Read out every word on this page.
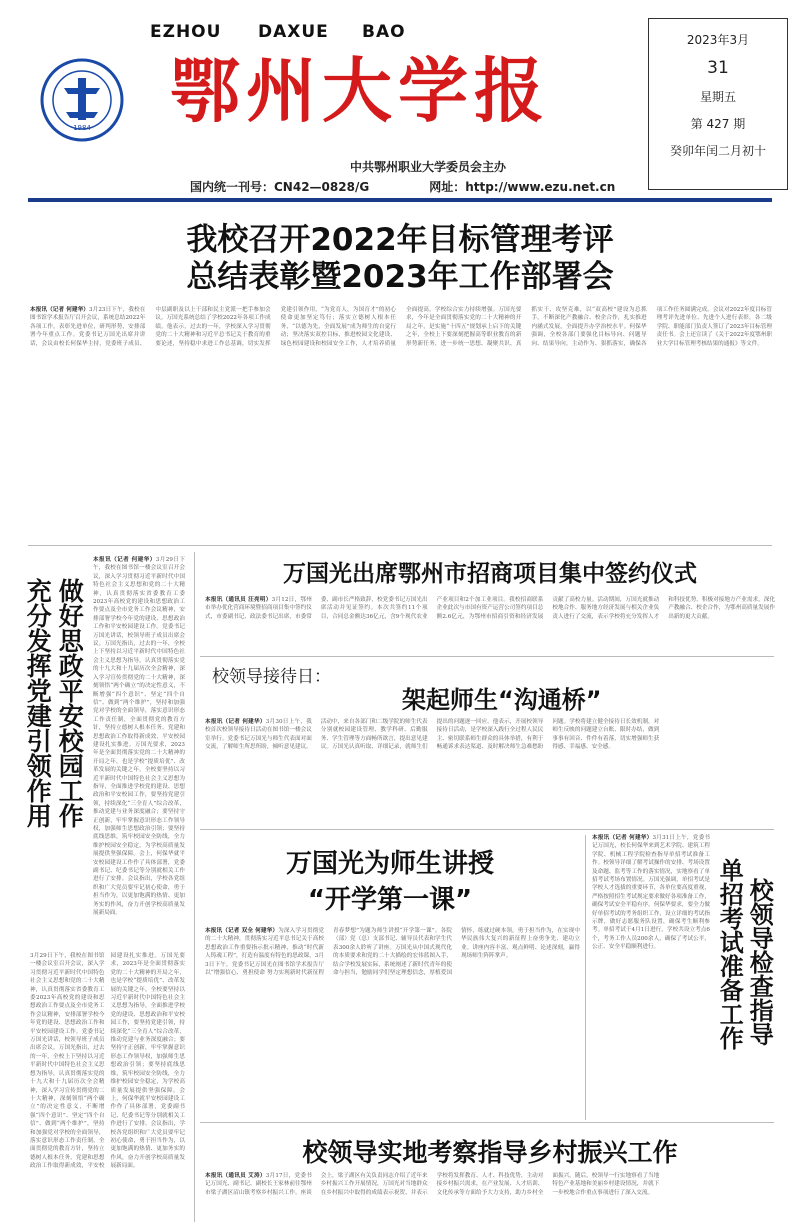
EZHOU DAXUE BAO
1984 鄂州大学报
2023年3月
31
星期五
第 427 期
癸卯年闰二月初十
中共鄂州职业大学委员会主办
国内统一刊号：CN42—0828/G	网址：http://www.ezu.net.cn
我校召开2022年目标管理考评
总结表彰暨2023年工作部署会
本报讯（记者 何建华）3月23日下午，我校在图书馆学术报告厅召开会议，系统总结2022年各项工作，表彰先进单位，研判形势，安排部署今年重点工作。党委书记万国光出席并讲话，会议由校长何保华主持，党委班子成员、中层副职及以上干部和民主党派一把手参加会议。万国光系统总结了学校2022年各项工作成绩。他表示，过去的一年，学校深入学习贯彻党的二十大精神和习近平总书记关于教育的重要论述，坚持稳中求进工作总基调，切实发挥党建引领作用，“为党育人，为国育才”的初心使命更加坚定笃行；落实立德树人根本任务，“以德为先，全面发展”成为师生的自觉行动；坚决落实双控目标，推进校园文化建设、绿色校园建设和校园安全工作，人才培养质量全面提高，学校综合实力持续增强。万国光要求，今年是全面贯彻落实党的二十大精神的开局之年，是实施“十四五”规划承上启下的关键之年，全校上下要深刻把握高等职业教育的新形势新任务，进一步统一思想、凝聚共识、真抓实干、攻坚克难，以“双高校”建设为总抓手，不断深化产教融合、校企合作，扎实推进内涵式发展，全面提升办学治校水平。何保华强调，全校各部门要强化目标导向、问题导向、结果导向，主动作为、狠抓落实，确保各项工作任务圆满完成。会议对2022年度目标管理考评先进单位、先进个人进行表彰，各二级学院、职能部门负责人签订了2023年目标管理责任书。会上还宣读了《关于2022年度鄂州职业大学目标管理考核结果的通报》等文件。
做好思政平安校园工作
充分发挥党建引领作用
本报讯（记者 何建华）3月29日下午，我校在图书馆一楼会议室召开会议，深入学习贯彻习近平新时代中国特色社会主义思想和党的二十大精神，认真贯彻落实省委教育工委2023年高校党的建设和思想政治工作要点及全市党务工作会议精神，安排部署学校今年党的建设、思想政治工作和平安校园建设工作。党委书记万国光讲话，校领导班子成员出席会议。万国光指出，过去的一年，全校上下坚持以习近平新时代中国特色社会主义思想为指导，认真贯彻落实党的十九大和十九届历次全会精神，深入学习宣传贯彻党的二十大精神，深刻领悟“两个确立”的决定性意义，不断增强“四个意识”、坚定“四个自信”、做到“两个维护”，坚持和加强党对学校的全面领导，落实意识形态工作责任制，全面贯彻党的教育方针，坚持立德树人根本任务，党建和思想政治工作取得新成效，平安校园建设扎实推进。万国光要求，2023年是全面贯彻落实党的二十大精神的开局之年，也是学校“提质培优”、改革发展的关键之年，全校要坚持以习近平新时代中国特色社会主义思想为指导，全面推进学校党的建设、思想政治和平安校园工作，要坚持党建引领，持续深化“三全育人”综合改革，推动党建与业务深度融合；要坚持守正创新，牢牢掌握意识形态工作领导权，加强师生思想政治引领；要坚持底线思维，筑牢校园安全防线，全力维护校园安全稳定，为学校高质量发展提供坚强保障。会上，何保华就平安校园建设工作作了具体部署，党委副书记、纪委书记等分别就相关工作进行了安排。会议指出，学校各党组织和广大党员要牢记初心使命，勇于担当作为，以更加饱满的热情、更加务实的作风，奋力开创学校高质量发展新局面。
3月29日下午，我校在图书馆一楼会议室召开会议，深入学习贯彻习近平新时代中国特色社会主义思想和党的二十大精神，认真贯彻落实省委教育工委2023年高校党的建设和思想政治工作要点及全市党务工作会议精神，安排部署学校今年党的建设、思想政治工作和平安校园建设工作。党委书记万国光讲话，校领导班子成员出席会议。万国光指出，过去的一年，全校上下坚持以习近平新时代中国特色社会主义思想为指导，认真贯彻落实党的十九大和十九届历次全会精神，深入学习宣传贯彻党的二十大精神，深刻领悟“两个确立”的决定性意义，不断增强“四个意识”、坚定“四个自信”、做到“两个维护”，坚持和加强党对学校的全面领导，落实意识形态工作责任制，全面贯彻党的教育方针，坚持立德树人根本任务，党建和思想政治工作取得新成效，平安校园建设扎实推进。万国光要求，2023年是全面贯彻落实党的二十大精神的开局之年，也是学校“提质培优”、改革发展的关键之年，全校要坚持以习近平新时代中国特色社会主义思想为指导，全面推进学校党的建设、思想政治和平安校园工作，要坚持党建引领，持续深化“三全育人”综合改革，推动党建与业务深度融合；要坚持守正创新，牢牢掌握意识形态工作领导权，加强师生思想政治引领；要坚持底线思维，筑牢校园安全防线，全力维护校园安全稳定，为学校高质量发展提供坚强保障。会上，何保华就平安校园建设工作作了具体部署，党委副书记、纪委书记等分别就相关工作进行了安排。会议指出，学校各党组织和广大党员要牢记初心使命，勇于担当作为，以更加饱满的热情、更加务实的作风，奋力开创学校高质量发展新局面。
万国光出席鄂州市招商项目集中签约仪式
本报讯（通讯员 汪亮明）3月12日，鄂州市举办优化营商环境暨招商项目集中签约仪式，市委副书记、政法委书记出席，市委常委、副市长严格致辞，校党委书记万国光出席活动并见证签约。本次共签约11个项目，合同总金额达36亿元，含9个现代农业产业项目和2个加工业项目。我校招商联系企业此次与市国有资产运营公司签约项目总额2.6亿元，为鄂州市招商引资和经济发展贡献了高校力量。活动期间，万国光就推动校地合作、服务地方经济发展与相关企业负责人进行了交流，表示学校将充分发挥人才和科技优势，积极对接地方产业需求，深化产教融合、校企合作，为鄂州高质量发展作出新的更大贡献。
校领导接待日：
架起师生“沟通桥”
本报讯（记者 何建华）3月30日上午，我校首次校领导接待日活动在图书馆一楼会议室举行。党委书记万国光与师生代表面对面交流，了解师生所思所盼，倾听意见建议。活动中，来自各部门和二级学院的师生代表分别就校园建设管理、教学科研、后勤服务、学生管理等方面畅所欲言，提出意见建议。万国光认真听取、详细记录，就师生们提出的问题逐一回应。他表示，开展校领导接待日活动，是学校深入践行全过程人民民主、密切联系师生群众的具体举措，有利于畅通诉求表达渠道、及时解决师生急难愁盼问题。学校将建立健全接待日长效机制，对师生反映的问题建立台账、限时办结，做到事事有回音、件件有着落，切实增强师生获得感、幸福感、安全感。
万国光为师生讲授
“开学第一课”
本报讯（记者 双全 何建华）为深入学习贯彻党的二十大精神，贯彻落实习近平总书记关于高校思想政治工作重要指示批示精神，推动“时代新人铸魂工程”，打造有温度有特色的思政课，3月3日下午，党委书记万国光在图书馆学术报告厅以“增强信心、勇担使命 努力实现新时代新征程青春梦想”为题为师生讲授“开学第一课”。各院（部）党（总）支部书记、辅导员代表和学生代表300余人聆听了讲座。万国光从中国式现代化的本质要求和党的二十大描绘的宏伟蓝图入手，结合学校发展实际，系统阐述了新时代青年的使命与担当，勉励同学们坚定理想信念，厚植爱国情怀，练就过硬本领，勇于担当作为，在实现中华民族伟大复兴的新征程上奋勇争先、建功立业。讲座内容丰富、观点鲜明、论述深刻，赢得现场师生阵阵掌声。	校领导检查指导
单招考试准备工作
本报讯（记者 何建华）3月31日上午，党委书记万国光，校长何保华来到艺术学院、建筑工程学院、机械工程学院检查指导单招考试准备工作。校领导详细了解考试操作的安排、考场设置及命题、监考等工作的落实情况，实地察看了单招考试考场布置情况。万国光强调，单招考试是学校人才选拔的重要环节，各单位要高度重视，严格按照招生考试规定要求做好各项准备工作，确保考试安全平稳有序。何保华要求，要全力做好单招考试的考务组织工作，设立详细的考试指示牌，做好志愿服务队设置，确保考生顺利参考。单招考试于4月1日进行，学校共设立考点6个，考务工作人员200余人，确保了考试公平、公正、安全平稳顺利进行。
校领导实地考察指导乡村振兴工作
本报讯（通讯员 艾涛）3月17日，党委书记万国光、副书记、副校长王家林前往鄂州市梁子湖区沼山镇考察乡村振兴工作。座谈会上，梁子湖区有关负责同志介绍了近年来乡村振兴工作开展情况，万国光对当地群众在乡村振兴中取得的成绩表示祝贺，并表示学校将发挥教育、人才、科技优势，主动对接乡村振兴需求，在产业发展、人才培训、文化传承等方面给予大力支持，助力乡村全面振兴。随后，校领导一行实地察看了当地特色产业基地和美丽乡村建设情况，并就下一步校地合作重点事项进行了深入交流。
